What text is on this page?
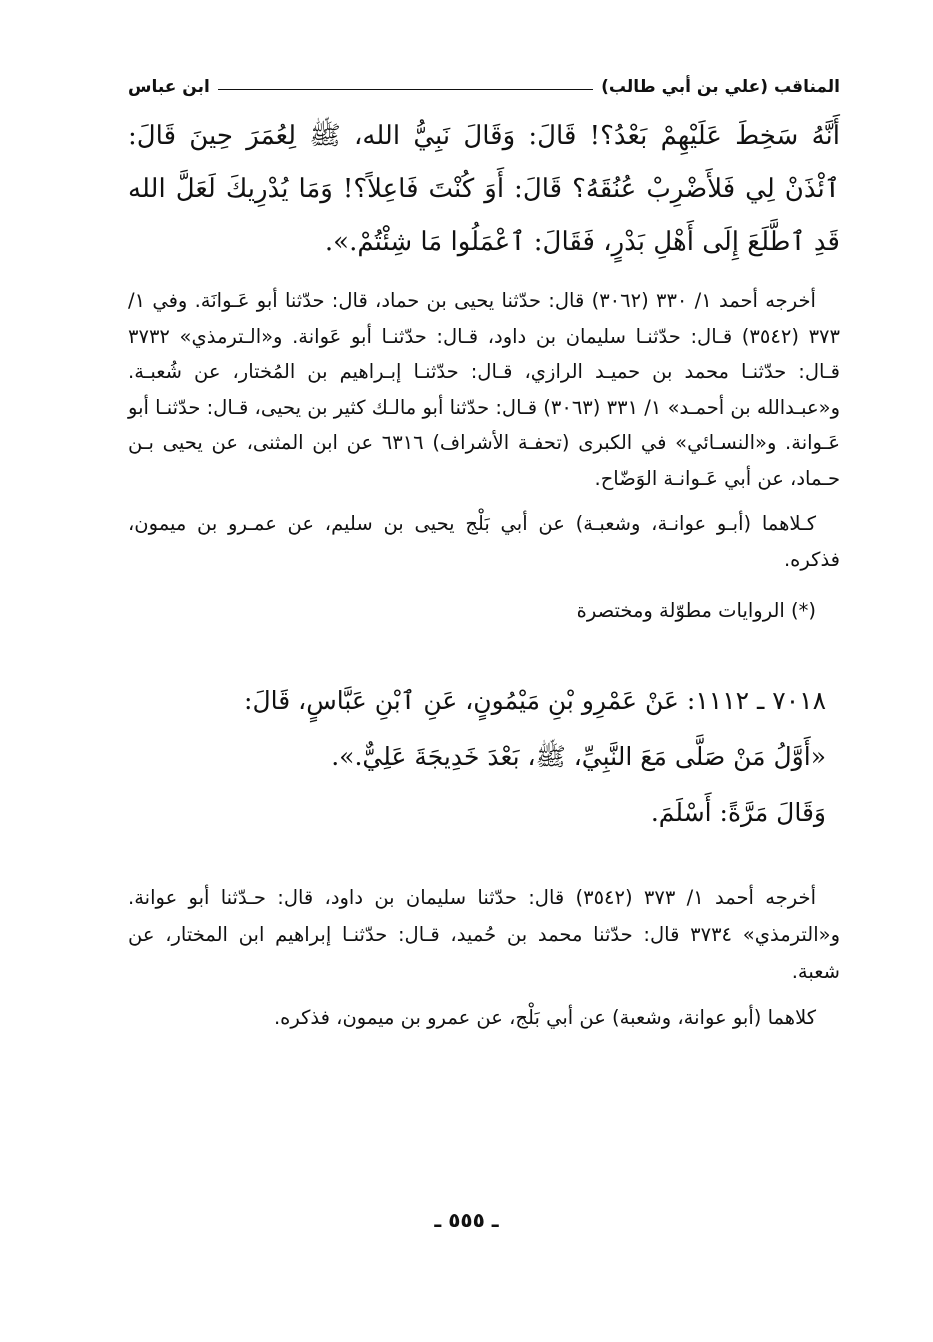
المناقب (علي بن أبي طالب)
ابن عباس

أَنَّهُ سَخِطَ عَلَيْهِمْ بَعْدُ؟! قَالَ: وَقَالَ نَبِيُّ الله، ﷺ لِعُمَرَ حِينَ قَالَ: ٱئْذَنْ لِي فَلأَضْرِبْ عُنُقَهُ؟ قَالَ: أَوَ كُنْتَ فَاعِلاً؟! وَمَا يُدْرِيكَ لَعَلَّ الله قَدِ ٱطَّلَعَ إِلَى أَهْلِ بَدْرٍ، فَقَالَ: ٱعْمَلُوا مَا شِئْتُمْ.».

أخرجه أحمد ١/ ٣٣٠ (٣٠٦٢) قال: حدّثنا يحيى بن حماد، قال: حدّثنا أبو عَـوانَة. وفي ١/ ٣٧٣ (٣٥٤٢) قـال: حدّثنـا سليمان بن داود، قـال: حدّثنـا أبو عَوانة. و«الـترمذي» ٣٧٣٢ قـال: حدّثنـا محمد بن حميـد الرازي، قـال: حدّثنـا إبـراهيم بن المُختار، عن شُعبـة. و«عبـدالله بن أحمـد» ١/ ٣٣١ (٣٠٦٣) قـال: حدّثنا أبو مالـك كثير بن يحيى، قـال: حدّثنـا أبو عَـوانة. و«النسـائي» في الكبرى (تحفـة الأشراف) ٦٣١٦ عن ابن المثنى، عن يحيى بـن حـماد، عن أبي عَـوانـة الوَضّاح.

كـلاهما (أبـو عوانـة، وشعبـة) عن أبي بَلْج يحيى بن سليم، عن عمـرو بن ميمون، فذكره.

(*) الروايات مطوّلة ومختصرة

٧٠١٨ ـ ١١١٢: عَنْ عَمْرِو بْنِ مَيْمُونٍ، عَنِ ٱبْنِ عَبَّاسٍ، قَالَ:

«أَوَّلُ مَنْ صَلَّى مَعَ النَّبِيِّ، ﷺ، بَعْدَ خَدِيجَةَ عَلِيٌّ.».

وَقَالَ مَرَّةً: أَسْلَمَ.

أخرجه أحمد ١/ ٣٧٣ (٣٥٤٢) قال: حدّثنا سليمان بن داود، قال: حـدّثنا أبو عوانة. و«الترمذي» ٣٧٣٤ قال: حدّثنا محمد بن حُميد، قـال: حدّثنـا إبراهيم ابن المختار، عن شعبة.

كلاهما (أبو عوانة، وشعبة) عن أبي بَلْج، عن عمرو بن ميمون، فذكره.

ـ ٥٥٥ ـ
